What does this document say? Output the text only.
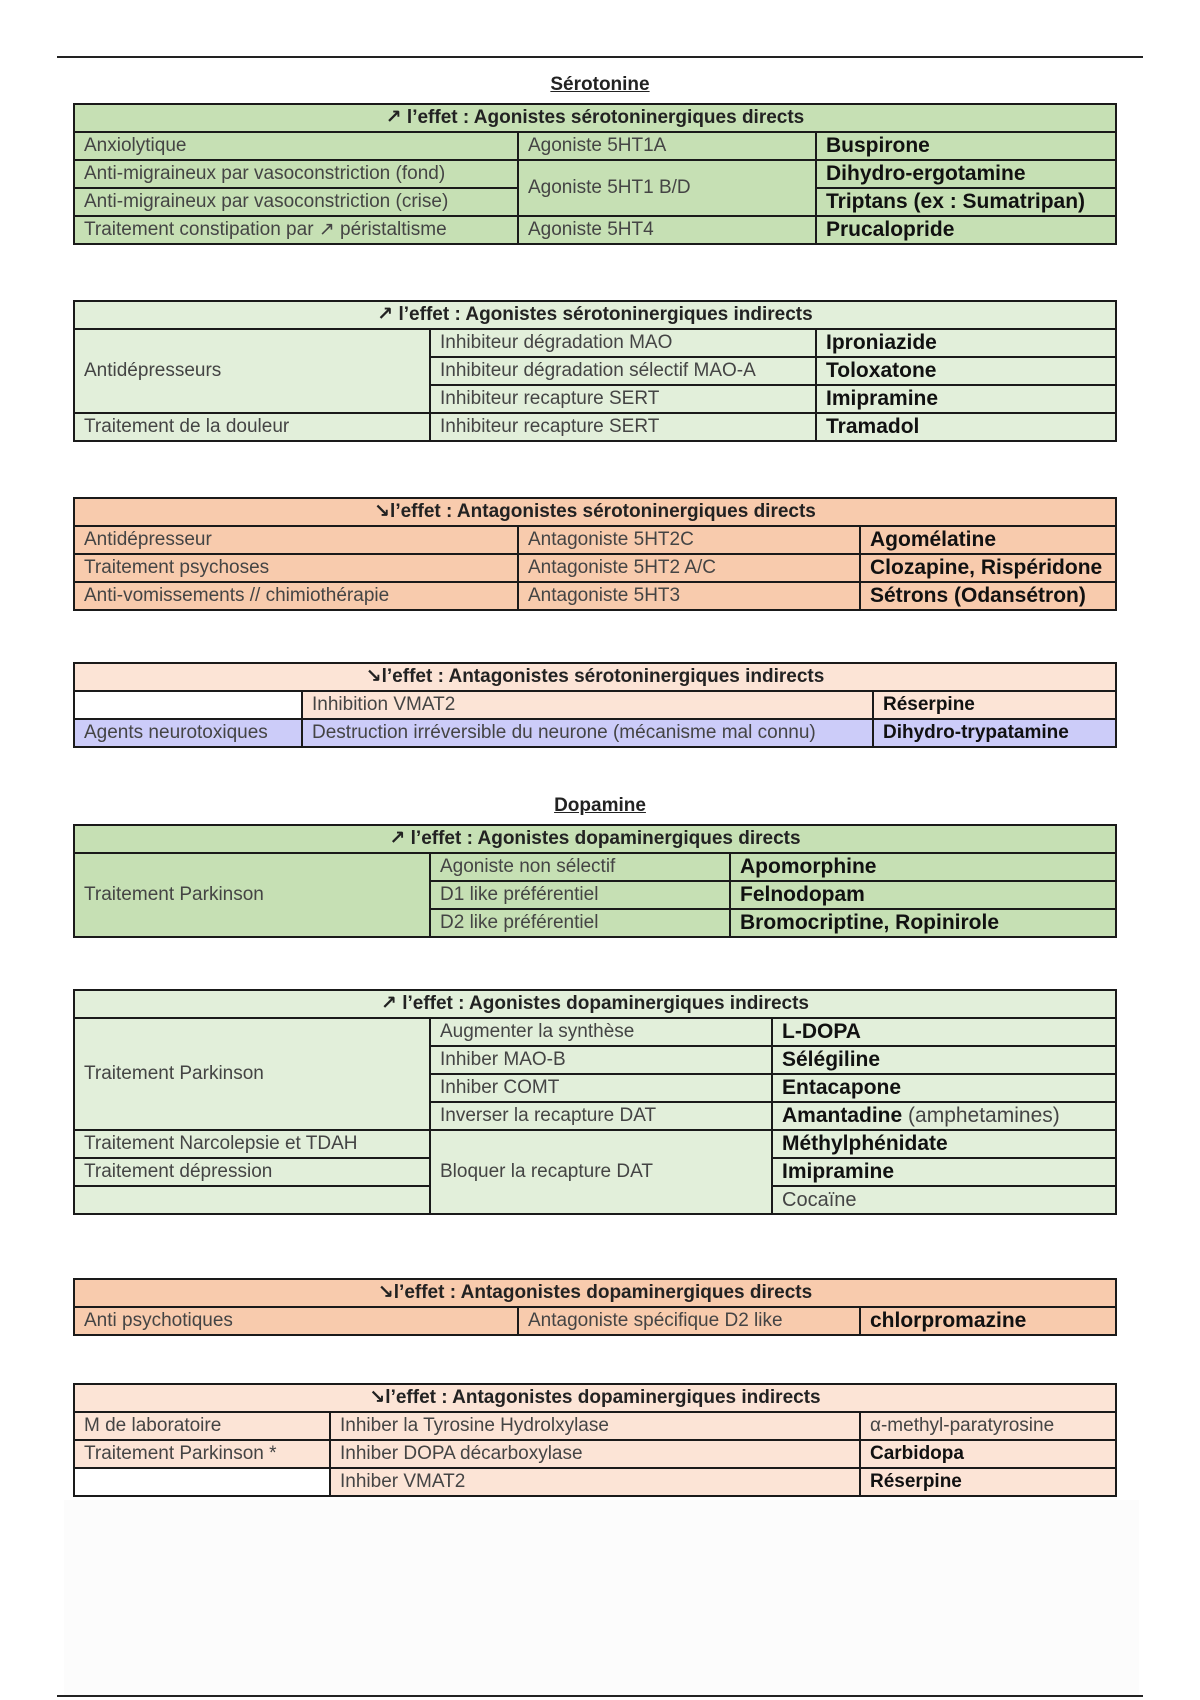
Sérotonine
↗ l’effet : Agonistes sérotoninergiques directs		
Anxiolytique	Agoniste 5HT1A	Buspirone
Anti-migraineux par vasoconstriction (fond)	Agoniste 5HT1 B/D	Dihydro-ergotamine
Anti-migraineux par vasoconstriction (crise)		Triptans (ex : Sumatripan)
Traitement constipation par ↗ péristaltisme	Agoniste 5HT4	Prucalopride
↗ l’effet : Agonistes sérotoninergiques indirects		
Antidépresseurs	Inhibiteur dégradation MAO	Iproniazide
	Inhibiteur dégradation sélectif MAO-A	Toloxatone
	Inhibiteur recapture SERT	Imipramine
Traitement de la douleur	Inhibiteur recapture SERT	Tramadol
↘l’effet : Antagonistes sérotoninergiques directs		
Antidépresseur	Antagoniste 5HT2C	Agomélatine
Traitement psychoses	Antagoniste 5HT2 A/C	Clozapine, Rispéridone
Anti-vomissements // chimiothérapie	Antagoniste 5HT3	Sétrons (Odansétron)
↘l’effet : Antagonistes sérotoninergiques indirects		
	Inhibition VMAT2	Réserpine
Agents neurotoxiques	Destruction irréversible du neurone (mécanisme mal connu)	Dihydro-trypatamine
Dopamine
↗ l’effet : Agonistes dopaminergiques directs		
Traitement Parkinson	Agoniste non sélectif	Apomorphine
	D1 like préférentiel	Felnodopam
	D2 like préférentiel	Bromocriptine, Ropinirole
↗ l’effet : Agonistes dopaminergiques indirects		
Traitement Parkinson	Augmenter la synthèse	L-DOPA
	Inhiber MAO-B	Sélégiline
	Inhiber COMT	Entacapone
	Inverser la recapture DAT	Amantadine (amphetamines)
Traitement Narcolepsie et TDAH	Bloquer la recapture DAT	Méthylphénidate
Traitement dépression		Imipramine
		Cocaïne
↘l’effet : Antagonistes dopaminergiques directs
Anti psychotiques	Antagoniste spécifique D2 like	chlorpromazine
↘l’effet : Antagonistes dopaminergiques indirects		
M de laboratoire	Inhiber la Tyrosine Hydrolxylase	α-methyl-paratyrosine
Traitement Parkinson *	Inhiber DOPA décarboxylase	Carbidopa
	Inhiber VMAT2	Réserpine
